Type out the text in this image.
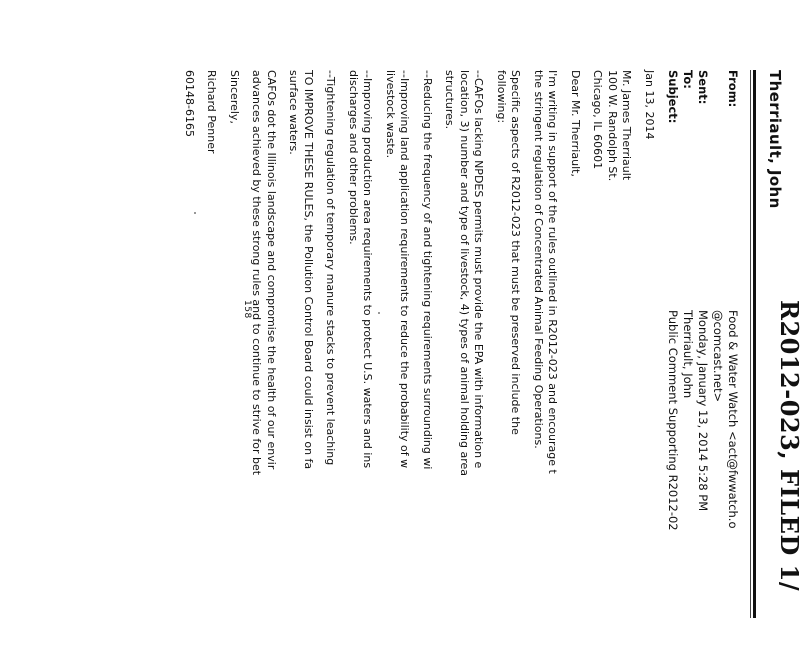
R2012-023, FILED 1/
Therriault, John
From:
Food & Water Watch <act@fwwatch.o
@comcast.net>
Sent:
Monday, January 13, 2014 5:28 PM
To:
Therriault, John
Subject:
Public Comment Supporting R2012-02

Jan 13, 2014

Mr. James Therriault

100 W. Randolph St.

Chicago, IL 60601

Dear Mr. Therriault,

I'm writing in support of the rules outlined in R2012-023 and encourage t
the stringent regulation of Concentrated Animal Feeding Operations.

Specific aspects of R2012-023 that must be preserved include the
following:

--CAFOs lacking NPDES permits must provide the EPA with information e
location, 3) number and type of livestock, 4) types of animal holding area
structures.

--Reducing the frequency of and tightening requirements surrounding wi

--Improving land application requirements to reduce the probability of w
livestock waste.

--Improving production area requirements to protect U.S. waters and ins
discharges and other problems.

--Tightening regulation of temporary manure stacks to prevent leaching

TO IMPROVE THESE RULES, the Pollution Control Board could insist on fa
surface waters.

CAFOs dot the Illinois landscape and compromise the health of our envir
advances achieved by these strong rules and to continue to strive for bet

Sincerely,

Richard Penner

60148-6165

158
